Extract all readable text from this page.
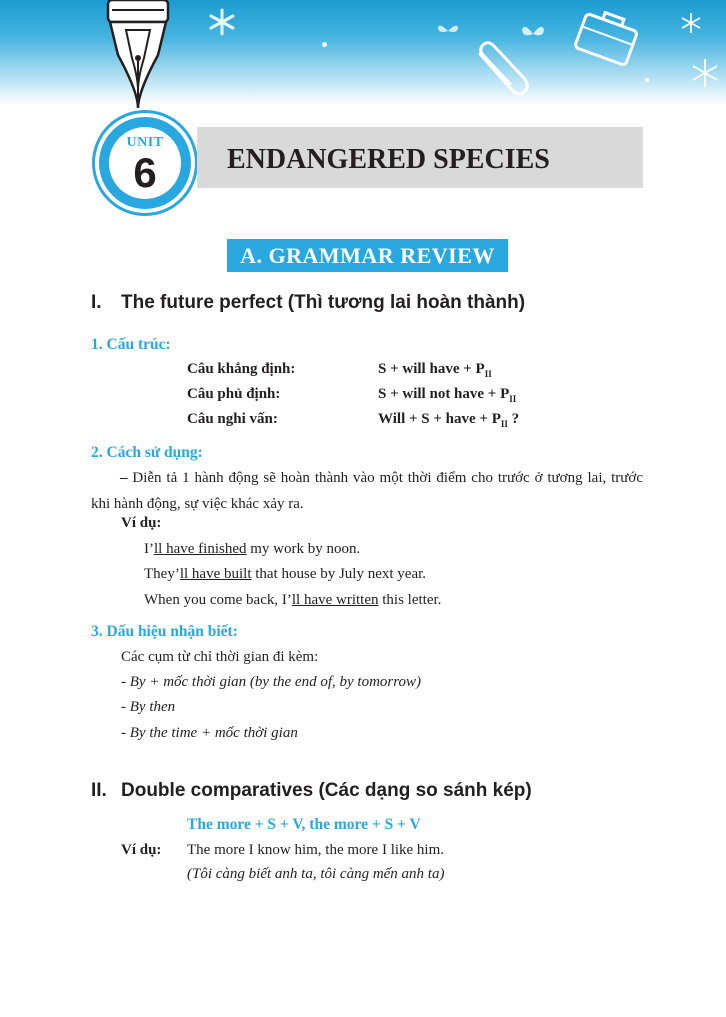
UNIT
6	ENDANGERED SPECIES
A. GRAMMAR REVIEW
I. The future perfect (Thì tương lai hoàn thành)
1. Cấu trúc:
Câu khẳng định:	S + will have + $P_{II}$
Câu phủ định:	S + will not have + $P_{II}$
Câu nghi vấn:	Will + S + have + $P_{II}$ ?
2. Cách sử dụng:
– Diễn tả 1 hành động sẽ hoàn thành vào một thời điểm cho trước ở tương lai, trước khi hành động, sự việc khác xảy ra.
Ví dụ:
I’ll have finished my work by noon.
They’ll have built that house by July next year.
When you come back, I’ll have written this letter.
3. Dấu hiệu nhận biết:
Các cụm từ chỉ thời gian đi kèm:
- By + mốc thời gian (by the end of, by tomorrow)
- By then
- By the time + mốc thời gian
II. Double comparatives (Các dạng so sánh kép)
The more + S + V, the more + S + V
Ví dụ: The more I know him, the more I like him.
(Tôi càng biết anh ta, tôi càng mến anh ta)
